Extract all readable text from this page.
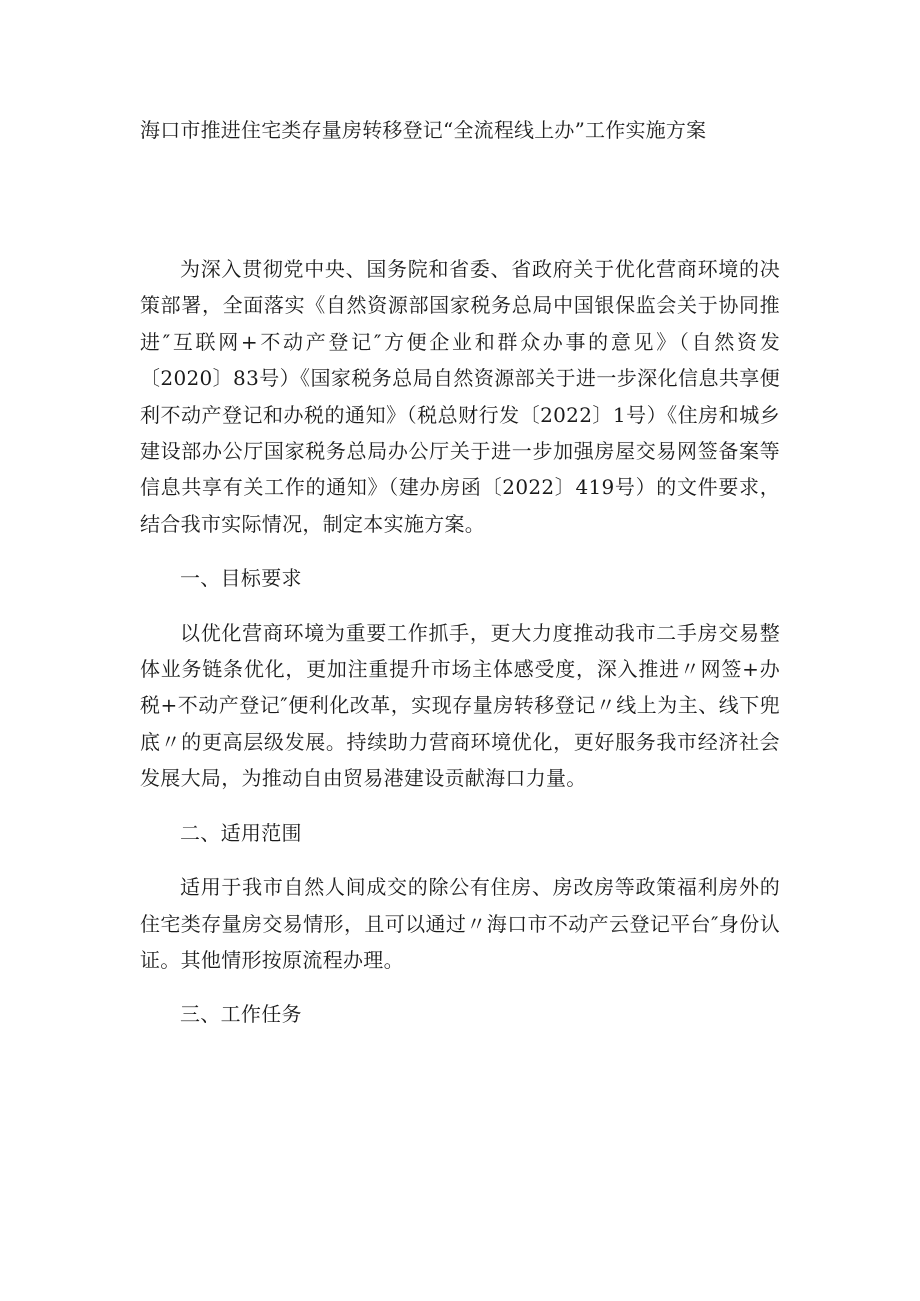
海口市推进住宅类存量房转移登记“全流程线上办”工作实施方案

为深入贯彻党中央、国务院和省委、省政府关于优化营商环境的决策部署，全面落实《自然资源部国家税务总局中国银保监会关于协同推进″互联网+不动产登记″方便企业和群众办事的意见》（自然资发〔2020〕83号）《国家税务总局自然资源部关于进一步深化信息共享便利不动产登记和办税的通知》（税总财行发〔2022〕1号）《住房和城乡建设部办公厅国家税务总局办公厅关于进一步加强房屋交易网签备案等信息共享有关工作的通知》（建办房函〔2022〕419号）的文件要求，结合我市实际情况，制定本实施方案。

一、目标要求

以优化营商环境为重要工作抓手，更大力度推动我市二手房交易整体业务链条优化，更加注重提升市场主体感受度，深入推进〃网签+办税+不动产登记″便利化改革，实现存量房转移登记〃线上为主、线下兜底〃的更高层级发展。持续助力营商环境优化，更好服务我市经济社会发展大局，为推动自由贸易港建设贡献海口力量。

二、适用范围

适用于我市自然人间成交的除公有住房、房改房等政策福利房外的住宅类存量房交易情形，且可以通过〃海口市不动产云登记平台″身份认证。其他情形按原流程办理。

三、工作任务
